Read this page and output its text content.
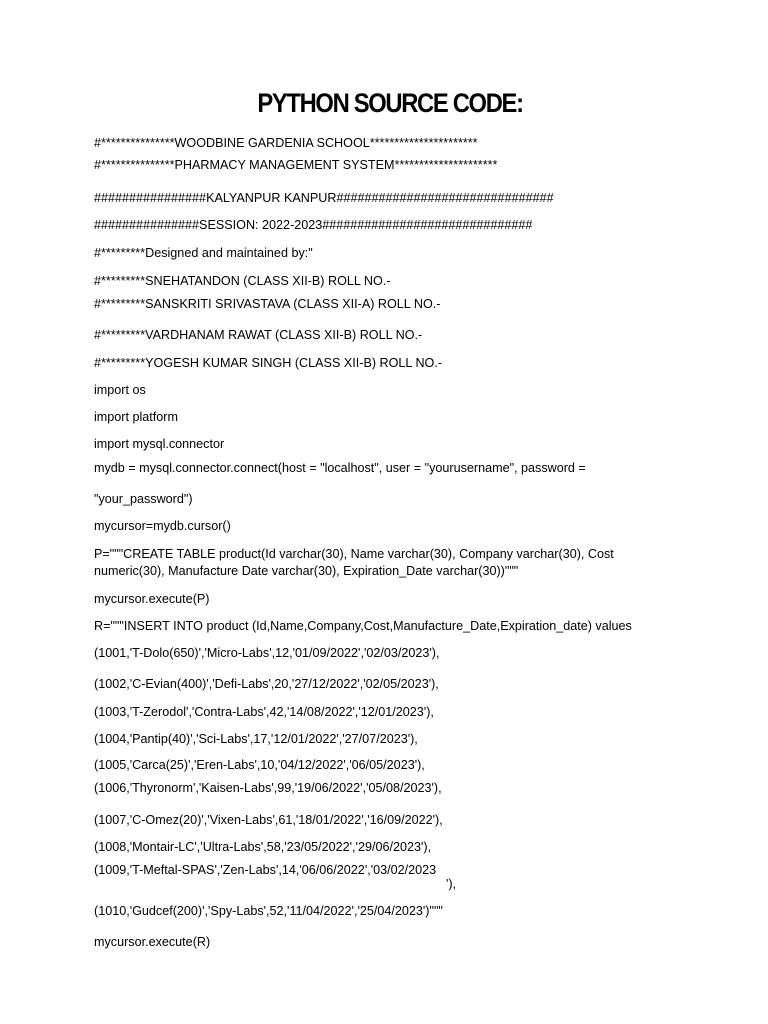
PYTHON SOURCE CODE:
#***************WOODBINE GARDENIA SCHOOL**********************
#***************PHARMACY MANAGEMENT SYSTEM*********************
################KALYANPUR KANPUR###############################
###############SESSION: 2022-2023##############################
#*********Designed and maintained by:"
#*********SNEHATANDON (CLASS XII-B) ROLL NO.-
#*********SANSKRITI SRIVASTAVA (CLASS XII-A) ROLL NO.-
#*********VARDHANAM RAWAT (CLASS XII-B) ROLL NO.-
#*********YOGESH KUMAR SINGH (CLASS XII-B) ROLL NO.-
import os
import platform
import mysql.connector
mydb = mysql.connector.connect(host = "localhost", user = "yourusername", password =
"your_password")
mycursor=mydb.cursor()
P="""CREATE TABLE product(Id varchar(30), Name varchar(30), Company varchar(30), Cost numeric(30), Manufacture Date varchar(30), Expiration_Date varchar(30))"""
mycursor.execute(P)
R="""INSERT INTO product (Id,Name,Company,Cost,Manufacture_Date,Expiration_date) values
(1001,'T-Dolo(650)','Micro-Labs',12,'01/09/2022','02/03/2023'),
(1002,'C-Evian(400)','Defi-Labs',20,'27/12/2022','02/05/2023'),
(1003,'T-Zerodol','Contra-Labs',42,'14/08/2022','12/01/2023'),
(1004,'Pantip(40)','Sci-Labs',17,'12/01/2022','27/07/2023'),
(1005,'Carca(25)','Eren-Labs',10,'04/12/2022','06/05/2023'),
(1006,'Thyronorm','Kaisen-Labs',99,'19/06/2022','05/08/2023'),
(1007,'C-Omez(20)','Vixen-Labs',61,'18/01/2022','16/09/2022'),
(1008,'Montair-LC','Ultra-Labs',58,'23/05/2022','29/06/2023'),
(1009,'T-Meftal-SPAS','Zen-Labs',14,'06/06/2022','03/02/2023
'),
(1010,'Gudcef(200)','Spy-Labs',52,'11/04/2022','25/04/2023')"""
mycursor.execute(R)
